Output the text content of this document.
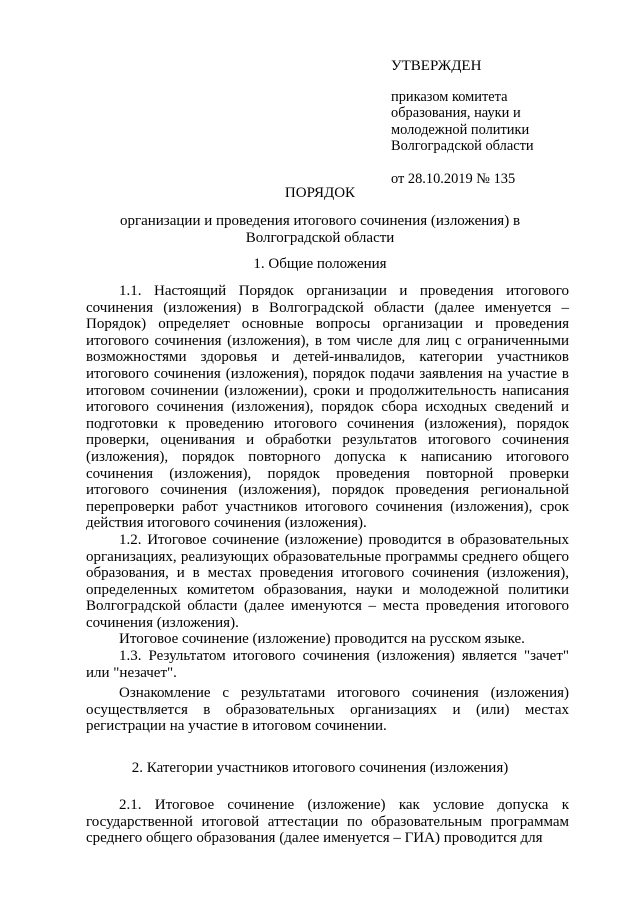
УТВЕРЖДЕН
приказом комитета
образования, науки и
молодежной политики
Волгоградской области
от 28.10.2019 № 135
ПОРЯДОК
организации и проведения итогового сочинения (изложения) в Волгоградской области
1. Общие положения

1.1. Настоящий Порядок организации и проведения итогового сочинения (изложения) в Волгоградской области (далее именуется – Порядок) определяет основные вопросы организации и проведения итогового сочинения (изложения), в том числе для лиц с ограниченными возможностями здоровья и детей-инвалидов, категории участников итогового сочинения (изложения), порядок подачи заявления на участие в итоговом сочинении (изложении), сроки и продолжительность написания итогового сочинения (изложения), порядок сбора исходных сведений и подготовки к проведению итогового сочинения (изложения), порядок проверки, оценивания и обработки результатов итогового сочинения (изложения), порядок повторного допуска к написанию итогового сочинения (изложения), порядок проведения повторной проверки итогового сочинения (изложения), порядок проведения региональной перепроверки работ участников итогового сочинения (изложения), срок действия итогового сочинения (изложения).

1.2. Итоговое сочинение (изложение) проводится в образовательных организациях, реализующих образовательные программы среднего общего образования, и в местах проведения итогового сочинения (изложения), определенных комитетом образования, науки и молодежной политики Волгоградской области (далее именуются – места проведения итогового сочинения (изложения).

Итоговое сочинение (изложение) проводится на русском языке.

1.3. Результатом итогового сочинения (изложения) является "зачет" или "незачет".

Ознакомление с результатами итогового сочинения (изложения) осуществляется в образовательных организациях и (или) местах регистрации на участие в итоговом сочинении.

2. Категории участников итогового сочинения (изложения)

2.1. Итоговое сочинение (изложение) как условие допуска к государственной итоговой аттестации по образовательным программам среднего общего образования (далее именуется – ГИА) проводится для
